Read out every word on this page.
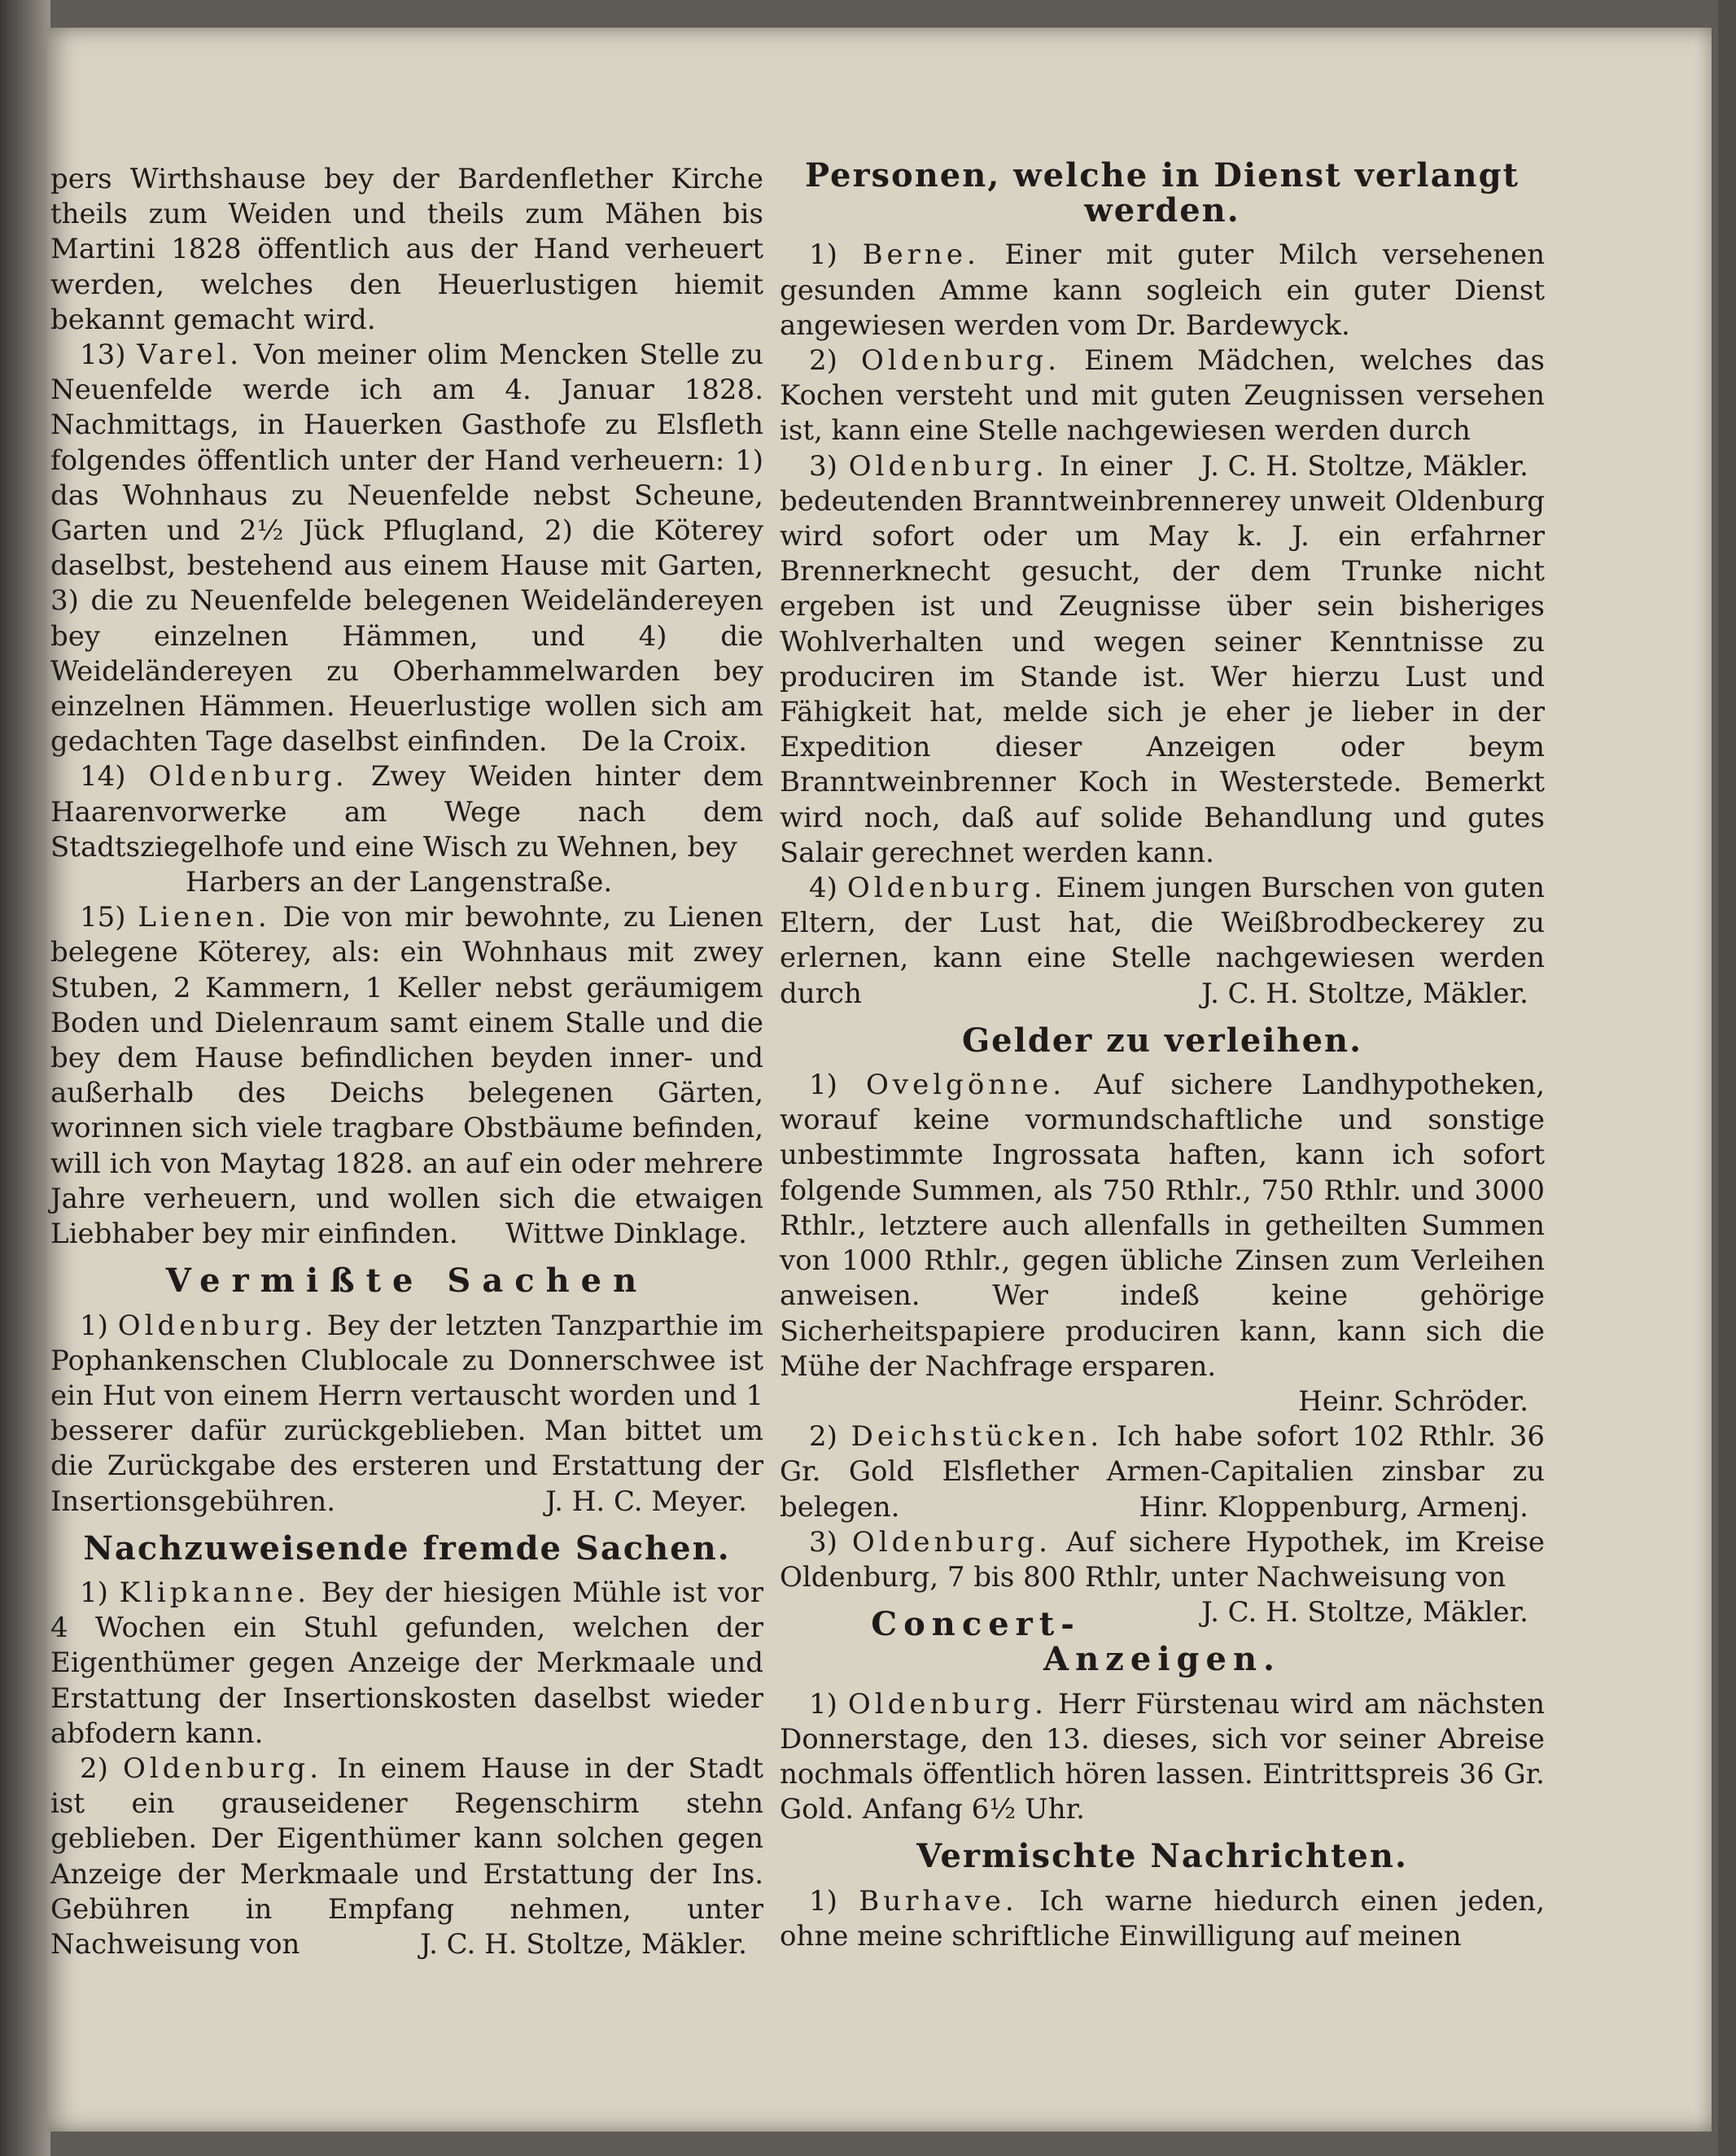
pers Wirthshause bey der Bardenflether Kirche theils zum Weiden und theils zum Mähen bis Martini 1828 öffentlich aus der Hand verheuert werden, welches den Heuerlustigen hiemit bekannt gemacht wird.

13) Varel. Von meiner olim Mencken Stelle zu Neuenfelde werde ich am 4. Januar 1828. Nachmittags, in Hauerken Gasthofe zu Elsfleth folgendes öffentlich unter der Hand verheuern: 1) das Wohnhaus zu Neuenfelde nebst Scheune, Garten und 2½ Jück Pflugland, 2) die Köterey daselbst, bestehend aus einem Hause mit Garten, 3) die zu Neuenfelde belegenen Weideländereyen bey einzelnen Hämmen, und 4) die Weideländereyen zu Oberhammelwarden bey einzelnen Hämmen. Heuerlustige wollen sich am gedachten Tage daselbst einfinden.	De la Croix.

14) Oldenburg. Zwey Weiden hinter dem Haarenvorwerke am Wege nach dem Stadtsziegelhofe und eine Wisch zu Wehnen, bey

Harbers an der Langenstraße.

15) Lienen. Die von mir bewohnte, zu Lienen belegene Köterey, als: ein Wohnhaus mit zwey Stuben, 2 Kammern, 1 Keller nebst geräumigem Boden und Dielenraum samt einem Stalle und die bey dem Hause befindlichen beyden inner- und außerhalb des Deichs belegenen Gärten, worinnen sich viele tragbare Obstbäume befinden, will ich von Maytag 1828. an auf ein oder mehrere Jahre verheuern, und wollen sich die etwaigen Liebhaber bey mir einfinden.	Wittwe Dinklage.

Vermißte Sachen

1) Oldenburg. Bey der letzten Tanzparthie im Pophankenschen Clublocale zu Donnerschwee ist ein Hut von einem Herrn vertauscht worden und 1 besserer dafür zurückgeblieben. Man bittet um die Zurückgabe des ersteren und Erstattung der Insertionsgebühren.	J. H. C. Meyer.

Nachzuweisende fremde Sachen.

1) Klipkanne. Bey der hiesigen Mühle ist vor 4 Wochen ein Stuhl gefunden, welchen der Eigenthümer gegen Anzeige der Merkmaale und Erstattung der Insertionskosten daselbst wieder abfodern kann.

2) Oldenburg. In einem Hause in der Stadt ist ein grauseidener Regenschirm stehn geblieben. Der Eigenthümer kann solchen gegen Anzeige der Merkmaale und Erstattung der Ins. Gebühren in Empfang nehmen, unter Nachweisung von	J. C. H. Stoltze, Mäkler.

Personen, welche in Dienst verlangt werden.

1) Berne. Einer mit guter Milch versehenen gesunden Amme kann sogleich ein guter Dienst angewiesen werden vom Dr. Bardewyck.

2) Oldenburg. Einem Mädchen, welches das Kochen versteht und mit guten Zeugnissen versehen ist, kann eine Stelle nachgewiesen werden durch
J. C. H. Stoltze, Mäkler.

3) Oldenburg. In einer bedeutenden Branntweinbrennerey unweit Oldenburg wird sofort oder um May k. J. ein erfahrner Brennerknecht gesucht, der dem Trunke nicht ergeben ist und Zeugnisse über sein bisheriges Wohlverhalten und wegen seiner Kenntnisse zu produciren im Stande ist. Wer hierzu Lust und Fähigkeit hat, melde sich je eher je lieber in der Expedition dieser Anzeigen oder beym Branntweinbrenner Koch in Westerstede. Bemerkt wird noch, daß auf solide Behandlung und gutes Salair gerechnet werden kann.

4) Oldenburg. Einem jungen Burschen von guten Eltern, der Lust hat, die Weißbrodbeckerey zu erlernen, kann eine Stelle nachgewiesen werden durch	J. C. H. Stoltze, Mäkler.

Gelder zu verleihen.

1) Ovelgönne. Auf sichere Landhypotheken, worauf keine vormundschaftliche und sonstige unbestimmte Ingrossata haften, kann ich sofort folgende Summen, als 750 Rthlr., 750 Rthlr. und 3000 Rthlr., letztere auch allenfalls in getheilten Summen von 1000 Rthlr., gegen übliche Zinsen zum Verleihen anweisen. Wer indeß keine gehörige Sicherheitspapiere produciren kann, kann sich die Mühe der Nachfrage ersparen.

Heinr. Schröder.

2) Deichstücken. Ich habe sofort 102 Rthlr. 36 Gr. Gold Elsflether Armen-Capitalien zinsbar zu belegen.	Hinr. Kloppenburg, Armenj.

3) Oldenburg. Auf sichere Hypothek, im Kreise Oldenburg, 7 bis 800 Rthlr, unter Nachweisung von
J. C. H. Stoltze, Mäkler.

Concert-Anzeigen.

1) Oldenburg. Herr Fürstenau wird am nächsten Donnerstage, den 13. dieses, sich vor seiner Abreise nochmals öffentlich hören lassen. Eintrittspreis 36 Gr. Gold. Anfang 6½ Uhr.

Vermischte Nachrichten.

1) Burhave. Ich warne hiedurch einen jeden, ohne meine schriftliche Einwilligung auf meinen
